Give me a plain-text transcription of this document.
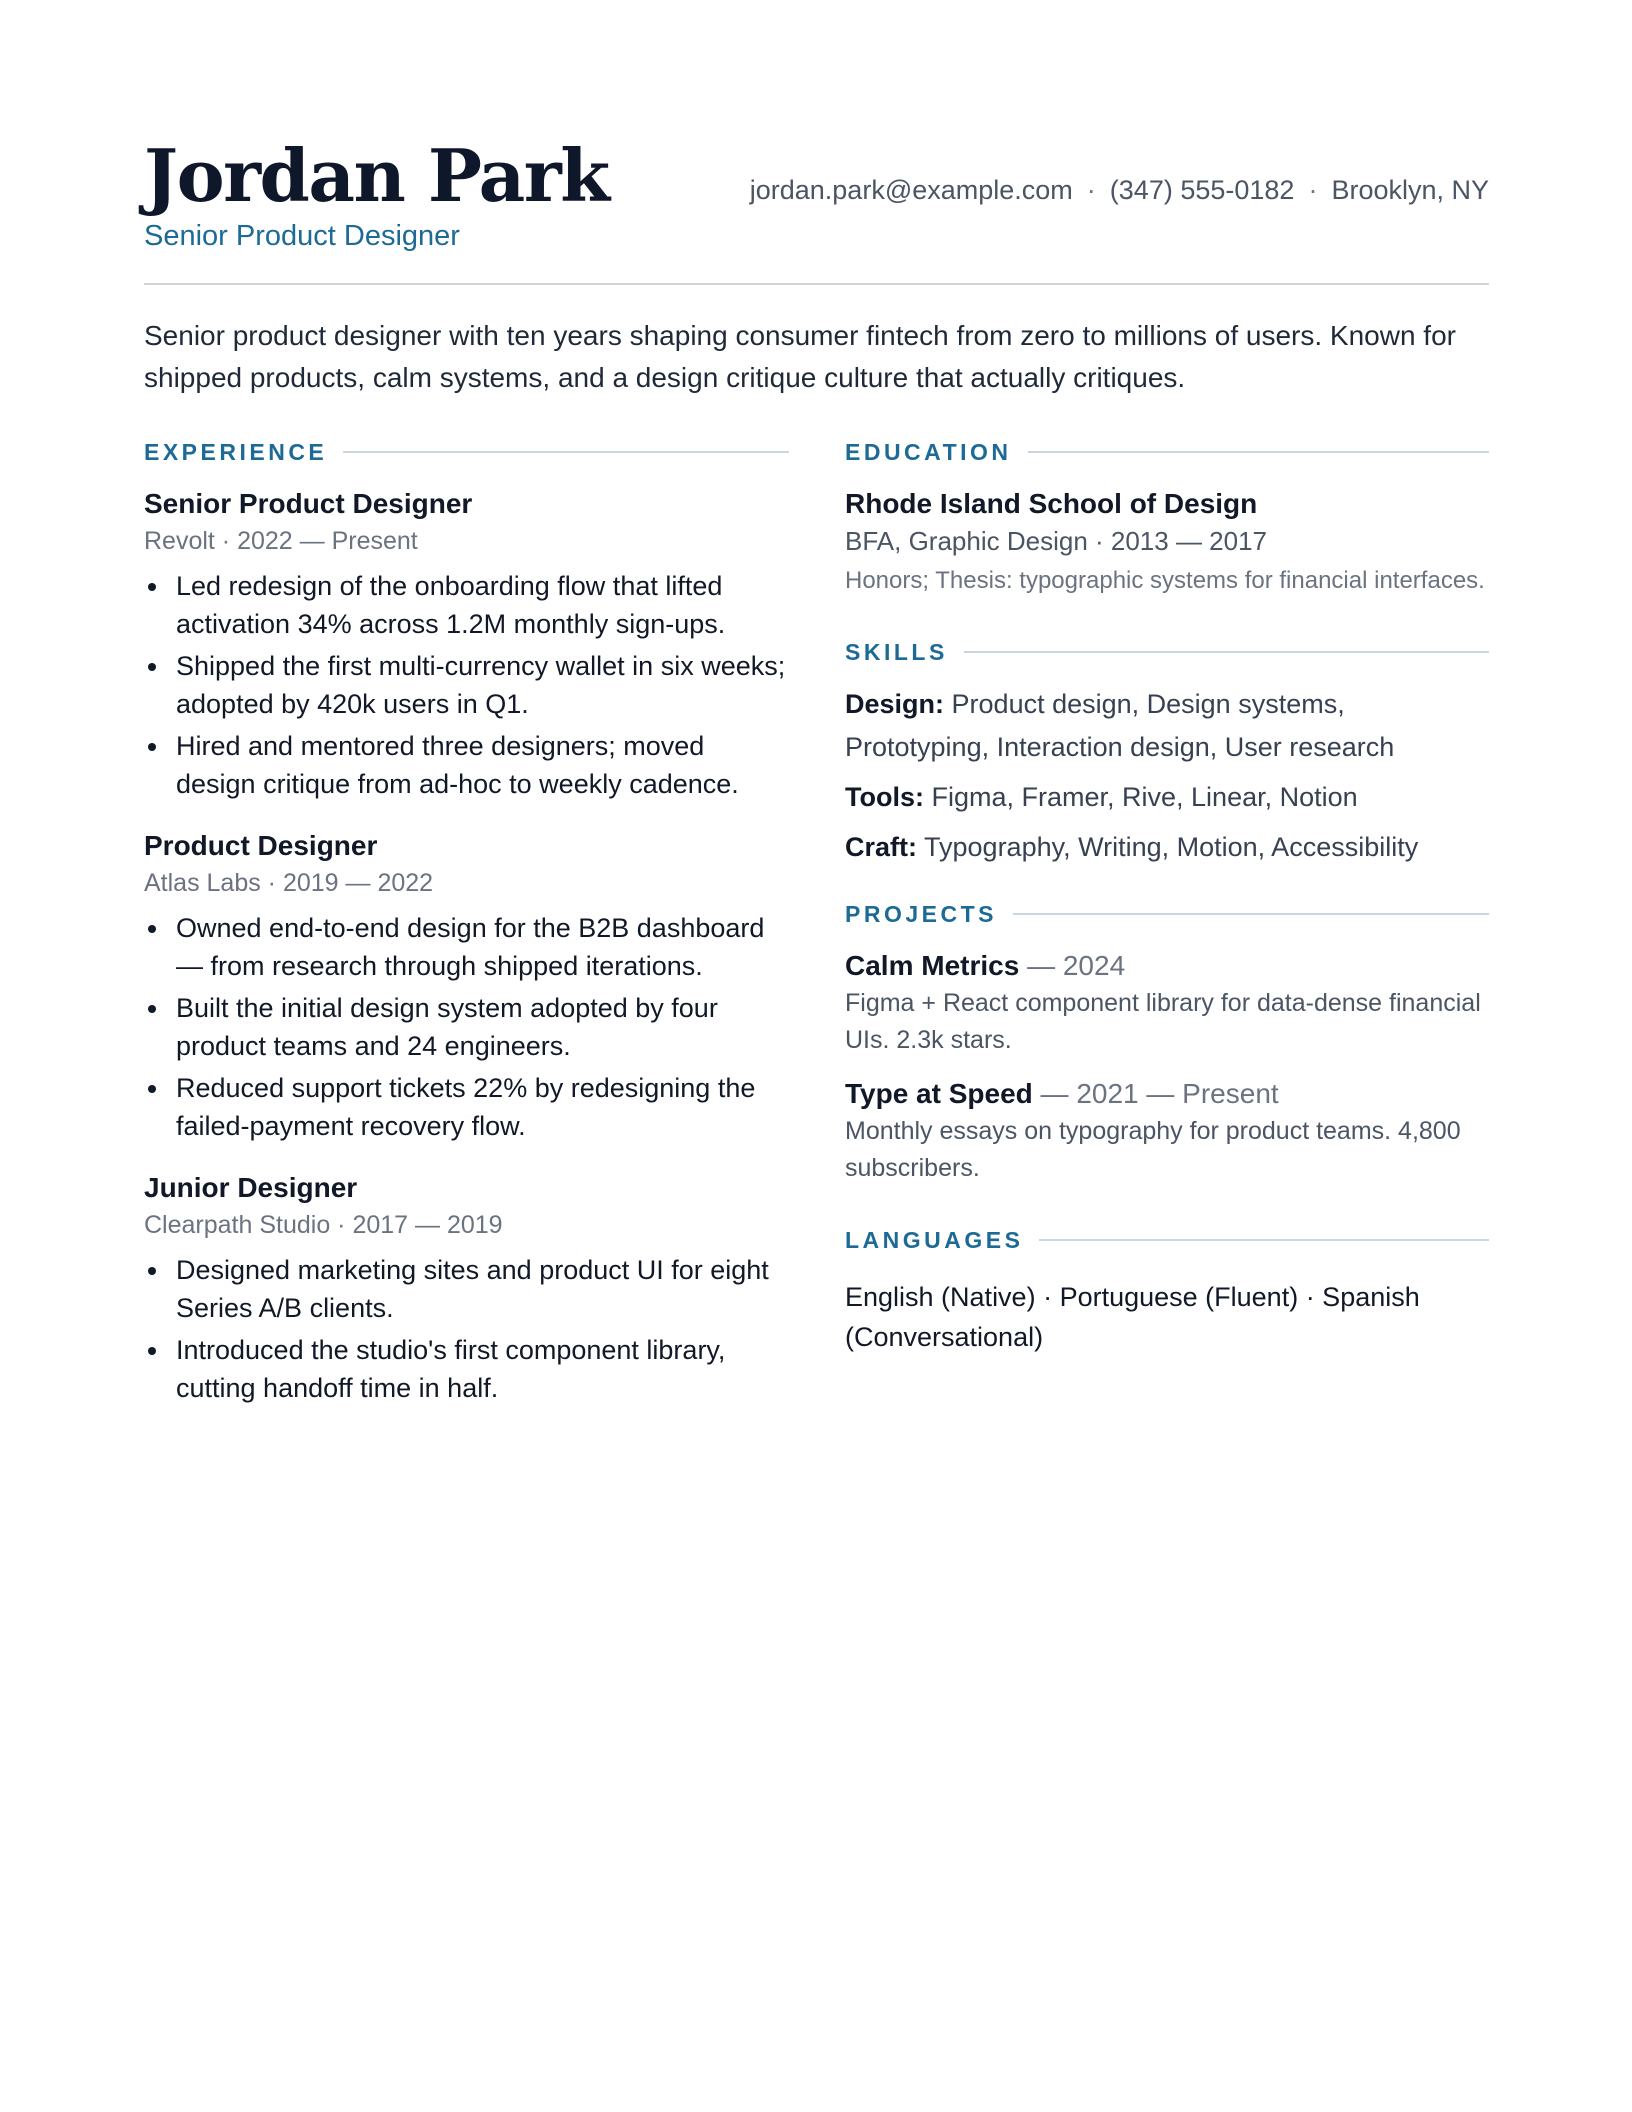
Jordan Park
Senior Product Designer
jordan.park@example.com · (347) 555-0182 · Brooklyn, NY

Senior product designer with ten years shaping consumer fintech from zero to millions of users. Known for shipped products, calm systems, and a design critique culture that actually critiques.

EXPERIENCE
Senior Product Designer
Revolt · 2022 — Present
Led redesign of the onboarding flow that lifted activation 34% across 1.2M monthly sign-ups.
Shipped the first multi-currency wallet in six weeks; adopted by 420k users in Q1.
Hired and mentored three designers; moved design critique from ad-hoc to weekly cadence.
Product Designer
Atlas Labs · 2019 — 2022
Owned end-to-end design for the B2B dashboard — from research through shipped iterations.
Built the initial design system adopted by four product teams and 24 engineers.
Reduced support tickets 22% by redesigning the failed-payment recovery flow.
Junior Designer
Clearpath Studio · 2017 — 2019
Designed marketing sites and product UI for eight Series A/B clients.
Introduced the studio's first component library, cutting handoff time in half.
EDUCATION
Rhode Island School of Design
BFA, Graphic Design · 2013 — 2017
Honors; Thesis: typographic systems for financial interfaces.
SKILLS
Design: Product design, Design systems, Prototyping, Interaction design, User research
Tools: Figma, Framer, Rive, Linear, Notion
Craft: Typography, Writing, Motion, Accessibility
PROJECTS
Calm Metrics — 2024
Figma + React component library for data-dense financial UIs. 2.3k stars.
Type at Speed — 2021 — Present
Monthly essays on typography for product teams. 4,800 subscribers.
LANGUAGES
English (Native) · Portuguese (Fluent) · Spanish (Conversational)
